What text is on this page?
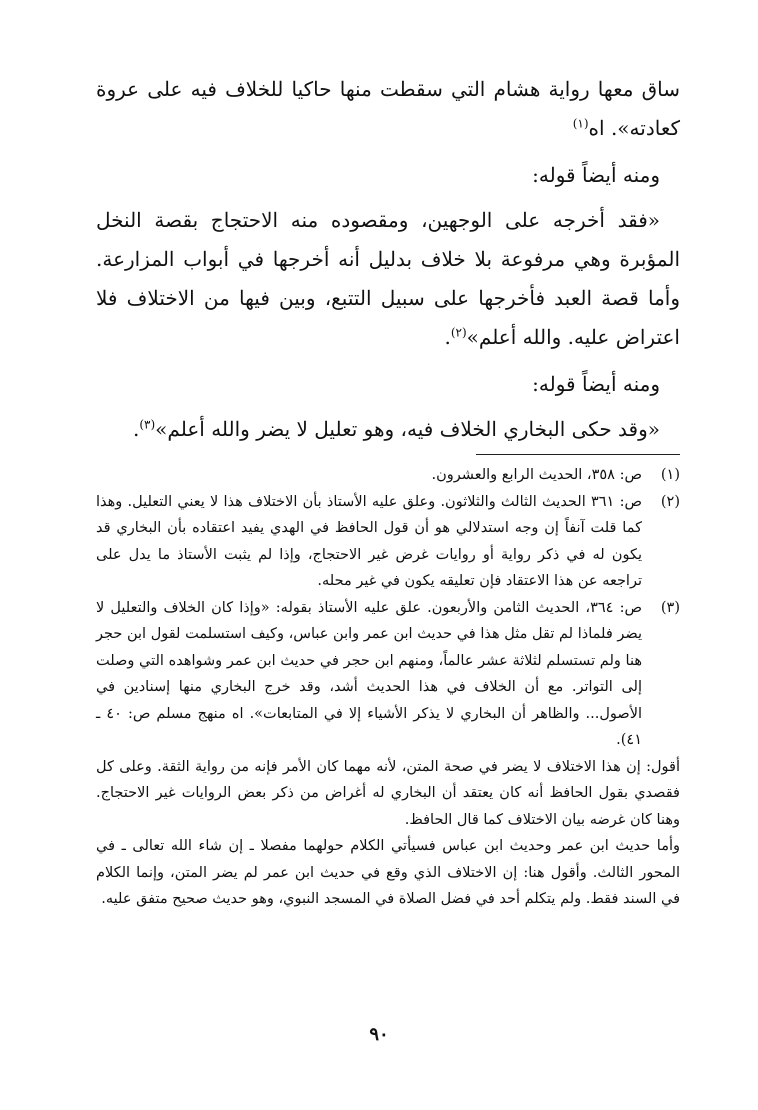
ساق معها رواية هشام التي سقطت منها حاكيا للخلاف فيه على عروة كعادته». اه$^{(١)}$

ومنه أيضاً قوله:

«فقد أخرجه على الوجهين، ومقصوده منه الاحتجاج بقصة النخل المؤبرة وهي مرفوعة بلا خلاف بدليل أنه أخرجها في أبواب المزارعة. وأما قصة العبد فأخرجها على سبيل التتبع، وبين فيها من الاختلاف فلا اعتراض عليه. والله أعلم»$^{(٢)}$.

ومنه أيضاً قوله:

«وقد حكى البخاري الخلاف فيه، وهو تعليل لا يضر والله أعلم»$^{(٣)}$.

(١)
ص: ٣٥٨، الحديث الرابع والعشرون.
(٢)
ص: ٣٦١ الحديث الثالث والثلاثون. وعلق عليه الأستاذ بأن الاختلاف هذا لا يعني التعليل. وهذا كما قلت آنفاً إن وجه استدلالي هو أن قول الحافظ في الهدي يفيد اعتقاده بأن البخاري قد يكون له في ذكر رواية أو روايات غرض غير الاحتجاج، وإذا لم يثبت الأستاذ ما يدل على تراجعه عن هذا الاعتقاد فإن تعليقه يكون في غير محله.
(٣)
ص: ٣٦٤، الحديث الثامن والأربعون. علق عليه الأستاذ بقوله: «وإذا كان الخلاف والتعليل لا يضر فلماذا لم تقل مثل هذا في حديث ابن عمر وابن عباس، وكيف استسلمت لقول ابن حجر هنا ولم تستسلم لثلاثة عشر عالماً، ومنهم ابن حجر في حديث ابن عمر وشواهده التي وصلت إلى التواتر. مع أن الخلاف في هذا الحديث أشد، وقد خرج البخاري منها إسنادين في الأصول... والظاهر أن البخاري لا يذكر الأشياء إلا في المتابعات». اه منهج مسلم ص: ٤٠ ـ ٤١).

أقول: إن هذا الاختلاف لا يضر في صحة المتن، لأنه مهما كان الأمر فإنه من رواية الثقة. وعلى كل فقصدي بقول الحافظ أنه كان يعتقد أن البخاري له أغراض من ذكر بعض الروايات غير الاحتجاج. وهنا كان غرضه بيان الاختلاف كما قال الحافظ.

وأما حديث ابن عمر وحديث ابن عباس فسيأتي الكلام حولهما مفصلا ـ إن شاء الله تعالى ـ في المحور الثالث. وأقول هنا: إن الاختلاف الذي وقع في حديث ابن عمر لم يضر المتن، وإنما الكلام في السند فقط. ولم يتكلم أحد في فضل الصلاة في المسجد النبوي، وهو حديث صحيح متفق عليه.

٩٠
